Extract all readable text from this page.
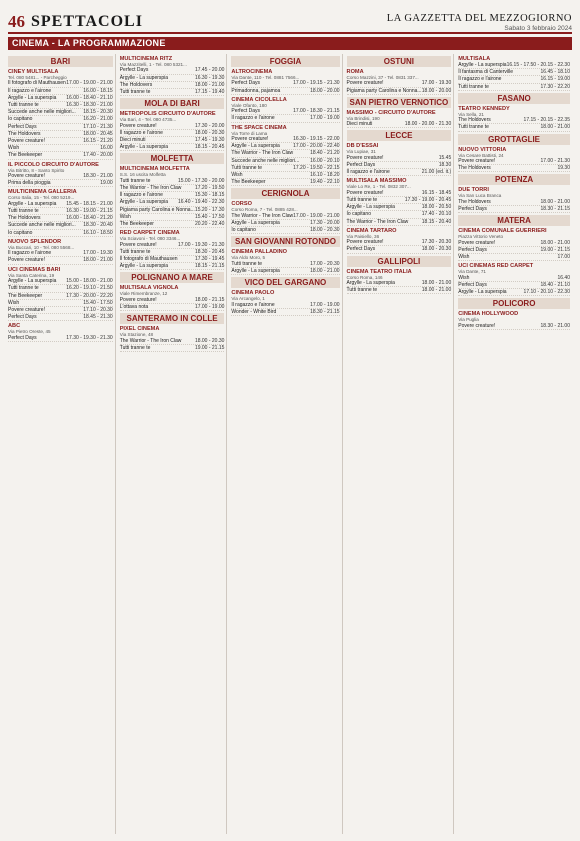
46 SPETTACOLI	LA GAZZETTA DEL MEZZOGIORNO
Sabato 3 febbraio 2024
CINEMA - LA PROGRAMMAZIONE
BARI
CINEY MULTISALA
Tel. 080 5481... - Parcheggio
Il fotografo di Mauthausen 17.00 - 19.00 - 21.00
Il ragazzo e l'airone	16.00 - 18.15
Argylle - La superspia 16.00 - 18.40 - 21.10
Tutti tranne te	16.30 - 18.30 - 21.00
Succede anche nelle migliori... 18.15 - 20.30
Io capitano	16.20 - 21.00
Perfect Days	17.10 - 21.30
The Holdovers	18.00 - 20.45
Povere creature!	16.15 - 21.20
Wish	16.00
The Beekeeper	17.40 - 20.00
IL PICCOLO CIRCUITO D'AUTORE
Via Bitritto, 8 - Santo Spirito
Povere creature!	18.30 - 21.00
Prima della pioggia	19.00
MULTICINEMA GALLERIA
Corso Italia, 15 - Tel. 080 5219...
Argylle - La superspia 15.45 - 18.15 - 21.00
Tutti tranne te	16.30 - 19.00 - 21.15
The Holdovers	16.00 - 18.40 - 21.20
Succede anche nelle migliori... 18.30 - 20.40
Io capitano	16.10 - 18.50
NUOVO SPLENDOR
Via Buccari, 10 - Tel. 080 5568...
Il ragazzo e l'airone	17.00 - 19.30
Povere creature!	18.00 - 21.00
UCI CINEMAS BARI
Via Santa Caterina, 19
Argylle - La superspia 15.00 - 18.00 - 21.00
Tutti tranne te	16.20 - 19.10 - 21.50
The Beekeeper	17.30 - 20.00 - 22.20
Wish	15.40 - 17.50
Povere creature!	17.10 - 20.30
Perfect Days	18.45 - 21.30
ABC
Via Pietro Oreste, 45
Perfect Days	17.30 - 19.30 - 21.30
MULTICINEMA RITZ
Via Mazzitelli, 1 - Tel. 080 5321...
Perfect Days	17.45 - 20.00
Argylle - La superspia	16.30 - 19.30
The Holdovers	18.00 - 21.00
Tutti tranne te	17.15 - 19.40
MOLA DI BARI
METROPOLIS CIRCUITO D'AUTORE
Via Bari, 4 - Tel. 080 4735...
Povere creature!	17.30 - 20.00
Il ragazzo e l'airone	18.00 - 20.30
Dieci minuti	17.45 - 19.30
Argylle - La superspia	18.15 - 20.45
MOLFETTA
MULTICINEMA MOLFETTA
S.S. 16 uscita Molfetta
Tutti tranne te	15.00 - 17.30 - 20.00
The Warrior - The Iron Claw	17.20 - 19.50
Il ragazzo e l'airone	15.30 - 18.15
Argylle - La superspia 16.40 - 19.40 - 22.30
Pigiama party Carolina e Nonna... 15.20 - 17.30
Wish	15.40 - 17.50
The Beekeeper	20.20 - 22.40
RED CARPET CINEMA
Via Sciavoni - Tel. 080 3346...
Povere creature!	17.00 - 19.30 - 21.30
Tutti tranne te	18.30 - 20.45
Il fotografo di Mauthausen	17.30 - 19.45
Argylle - La superspia	18.15 - 21.15
POLIGNANO A MARE
MULTISALA VIGNOLA
Viale Rimembranze, 12
Povere creature!	18.00 - 21.15
L'ottava nota	17.00 - 19.00
SANTERAMO IN COLLE
PIXEL CINEMA
Via Stazione, 48
The Warrior - The Iron Claw	18.00 - 20.30
Tutti tranne te	19.00 - 21.15
FOGGIA
ALTROCINEMA
Via Dante, 110 - Tel. 0881 7566...
Perfect Days	17.00 - 19.15 - 21.30
Primadonna, pajamoa	18.00 - 20.00
CINEMA CICOLELLA
Viale Ofanto, 180
Perfect Days	17.00 - 18.30 - 21.15
Il ragazzo e l'airone	17.00 - 19.00
THE SPACE CINEMA
Via Torre di Lama
Povere creature!	16.30 - 19.15 - 22.00
Argylle - La superspia	17.00 - 20.00 - 22.40
The Warrior - The Iron Claw	18.40 - 21.20
Succede anche nelle migliori... 16.00 - 20.10
Tutti tranne te	17.20 - 19.50 - 22.15
Wish	16.10 - 18.20
The Beekeeper	19.40 - 22.10
CERIGNOLA
CORSO
Corso Roma, 7 - Tel. 0885 428...
The Warrior - The Iron Claw 17.00 - 19.00 - 21.00
Argylle - La superspia	17.30 - 20.00
Io capitano	18.00 - 20.30
SAN GIOVANNI ROTONDO
CINEMA PALLADINO
Via Aldo Moro, 5
Tutti tranne te	17.00 - 20.30
Argylle - La superspia	18.00 - 21.00
VICO DEL GARGANO
CINEMA PAOLO
Via Arcangelo, 1
Il ragazzo e l'airone	17.00 - 19.00
Wonder - White Bird	18.30 - 21.15
OSTUNI
ROMA
Corso Mazzini, 37 - Tel. 0831 337...
Povere creature!	17.00 - 19.30
Pigiama party Carolina e Nonna... 18.00 - 20.00
SAN PIETRO VERNOTICO
MASSIMO - CIRCUITO D'AUTORE
Via Brindisi, 190
Dieci minuti	18.00 - 20.00 - 21.30
LECCE
DB D'ESSAI
Via Lupiae, 31
Povere creature!	15.45
Perfect Days	18.30
Il ragazzo e l'airone	21.00 (ed. it.)
MULTISALA MASSIMO
Viale Lo Re, 1 - Tel. 0832 307...
Povere creature!	16.15 - 18.45
Tutti tranne te	17.30 - 19.00 - 20.45
Argylle - La superspia	18.00 - 20.50
Io capitano	17.40 - 20.10
The Warrior - The Iron Claw	18.15 - 20.40
CINEMA TARTARO
Via Paisiello, 36
Povere creature!	17.30 - 20.30
Perfect Days	18.00 - 20.30
GALLIPOLI
CINEMA TEATRO ITALIA
Corso Roma, 146
Argylle - La superspia	18.00 - 21.00
Tutti tranne te	18.00 - 21.00
MULTISALA
Argylle - La superspia 16.15 - 17.50 - 20.15 - 22.30
Il fantasma di Canterville	16.45 - 18.10
Il ragazzo e l'airone	16.15 - 19.00
Tutti tranne te	17.30 - 22.20
FASANO
TEATRO KENNEDY
Via Sella, 21
The Holdovers	17.15 - 20.15 - 22.35
Tutti tranne te	18.00 - 21.00
GROTTAGLIE
NUOVO VITTORIA
Via Cesare Battisti, 24
Povere creature!	17.00 - 21.30
The Holdovers	19.30
POTENZA
DUE TORRI
Via San Luca Branca
The Holdovers	18.00 - 21.00
Perfect Days	18.30 - 21.15
MATERA
CINEMA COMUNALE GUERRIERI
Piazza Vittorio Veneto
Povere creature!	18.00 - 21.00
Perfect Days	19.00 - 21.15
Wish	17.00
UCI CINEMAS RED CARPET
Via Dante, 71
Wish	16.40
Perfect Days	18.40 - 21.10
Argylle - La superspia	17.10 - 20.10 - 22.30
POLICORO
CINEMA HOLLYWOOD
Via Puglia
Povere creature!	18.30 - 21.00
